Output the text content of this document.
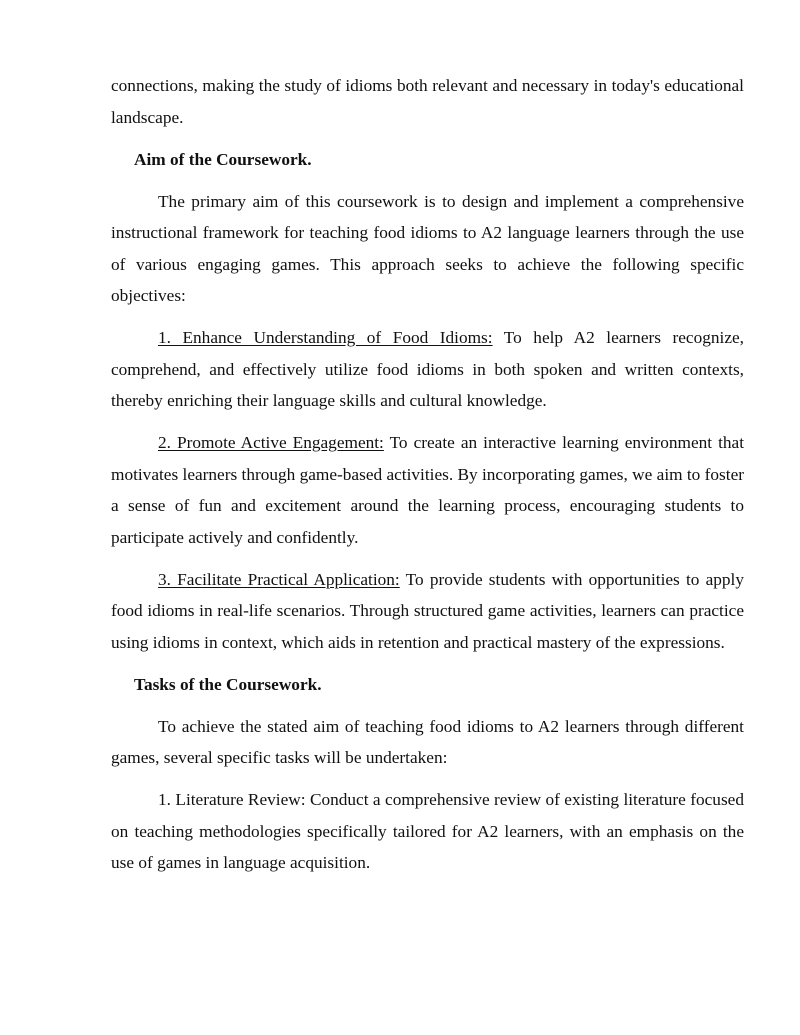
connections, making the study of idioms both relevant and necessary in today's educational landscape.

Aim of the Coursework.

The primary aim of this coursework is to design and implement a comprehensive instructional framework for teaching food idioms to A2 language learners through the use of various engaging games. This approach seeks to achieve the following specific objectives:

1. Enhance Understanding of Food Idioms: To help A2 learners recognize, comprehend, and effectively utilize food idioms in both spoken and written contexts, thereby enriching their language skills and cultural knowledge.

2. Promote Active Engagement: To create an interactive learning environment that motivates learners through game-based activities. By incorporating games, we aim to foster a sense of fun and excitement around the learning process, encouraging students to participate actively and confidently.

3. Facilitate Practical Application: To provide students with opportunities to apply food idioms in real-life scenarios. Through structured game activities, learners can practice using idioms in context, which aids in retention and practical mastery of the expressions.

Tasks of the Coursework.

To achieve the stated aim of teaching food idioms to A2 learners through different games, several specific tasks will be undertaken:

1. Literature Review: Conduct a comprehensive review of existing literature focused on teaching methodologies specifically tailored for A2 learners, with an emphasis on the use of games in language acquisition.
